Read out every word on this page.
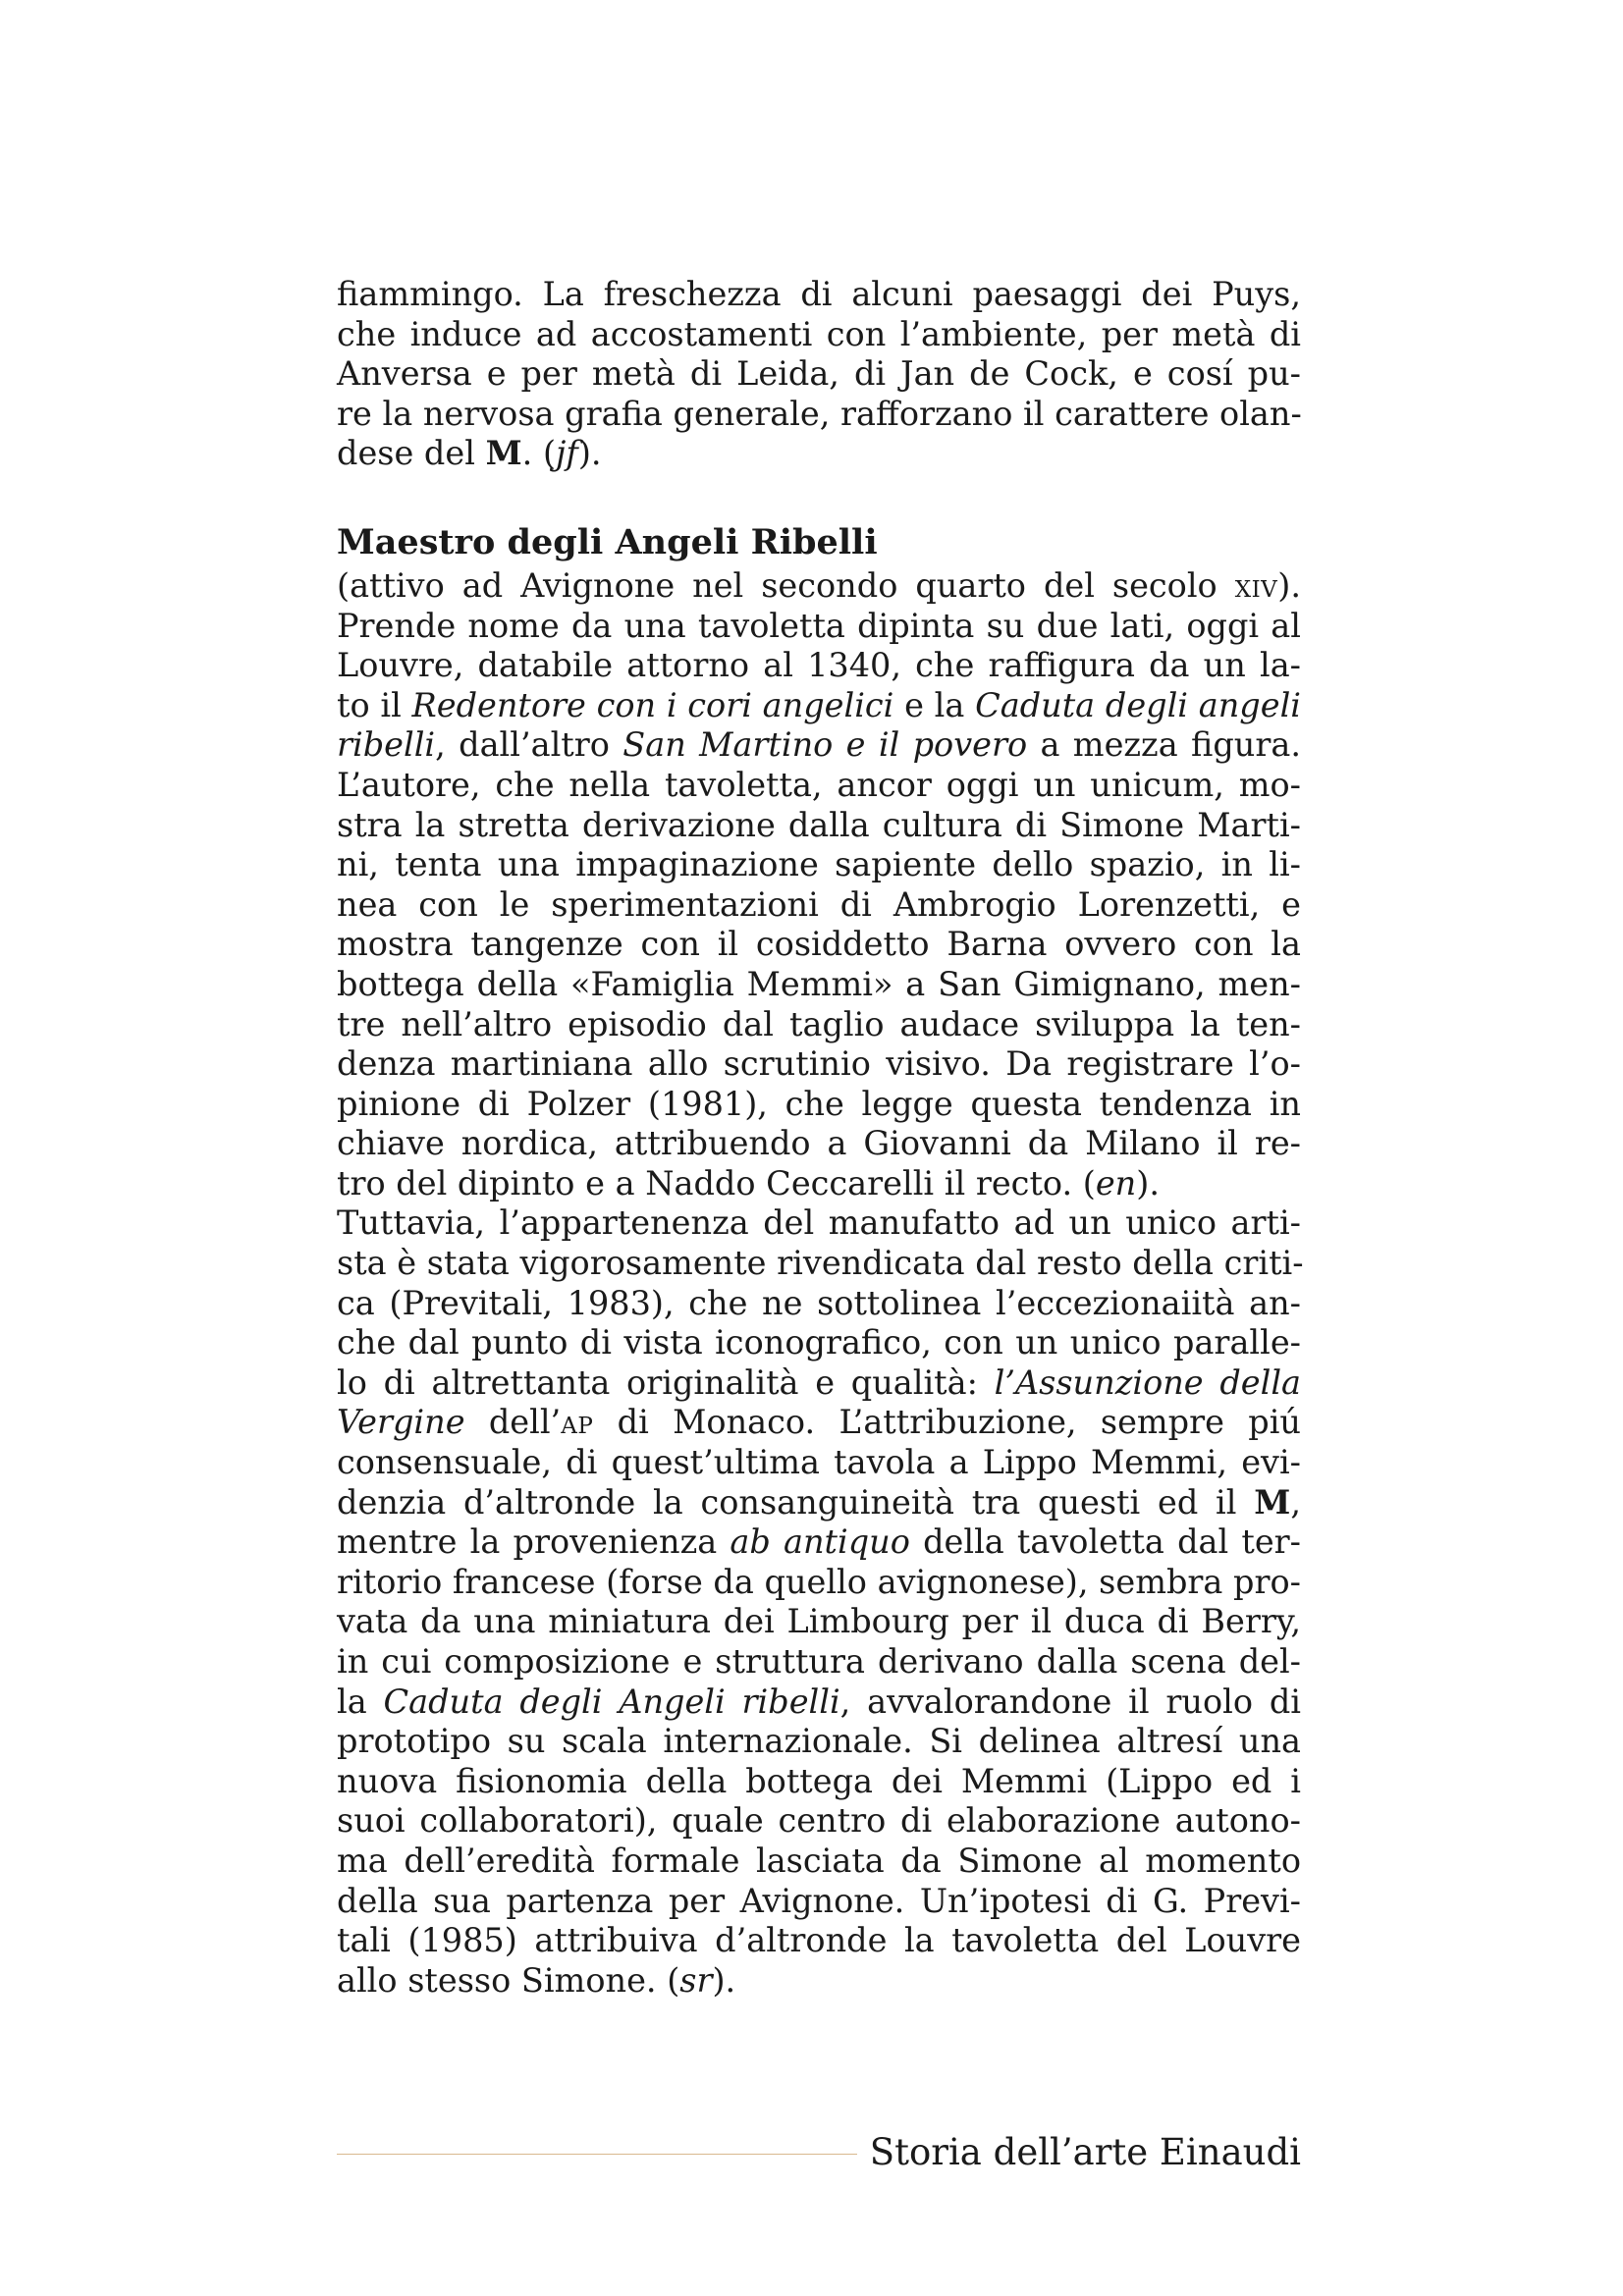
fiammingo. La freschezza di alcuni paesaggi dei Puys,
che induce ad accostamenti con l’ambiente, per metà di
Anversa e per metà di Leida, di Jan de Cock, e cosí pu-
re la nervosa grafia generale, rafforzano il carattere olan-
dese del M. (jf).

Maestro degli Angeli Ribelli

(attivo ad Avignone nel secondo quarto del secolo xiv).
Prende nome da una tavoletta dipinta su due lati, oggi al
Louvre, databile attorno al 1340, che raffigura da un la-
to il Redentore con i cori angelici e la Caduta degli angeli
ribelli, dall’altro San Martino e il povero a mezza figura.
L’autore, che nella tavoletta, ancor oggi un unicum, mo-
stra la stretta derivazione dalla cultura di Simone Marti-
ni, tenta una impaginazione sapiente dello spazio, in li-
nea con le sperimentazioni di Ambrogio Lorenzetti, e
mostra tangenze con il cosiddetto Barna ovvero con la
bottega della «Famiglia Memmi» a San Gimignano, men-
tre nell’altro episodio dal taglio audace sviluppa la ten-
denza martiniana allo scrutinio visivo. Da registrare l’o-
pinione di Polzer (1981), che legge questa tendenza in
chiave nordica, attribuendo a Giovanni da Milano il re-
tro del dipinto e a Naddo Ceccarelli il recto. (en).

Tuttavia, l’appartenenza del manufatto ad un unico arti-
sta è stata vigorosamente rivendicata dal resto della criti-
ca (Previtali, 1983), che ne sottolinea l’eccezionaiità an-
che dal punto di vista iconografico, con un unico paralle-
lo di altrettanta originalità e qualità: l’Assunzione della
Vergine dell’ap di Monaco. L’attribuzione, sempre piú
consensuale, di quest’ultima tavola a Lippo Memmi, evi-
denzia d’altronde la consanguineità tra questi ed il M,
mentre la provenienza ab antiquo della tavoletta dal ter-
ritorio francese (forse da quello avignonese), sembra pro-
vata da una miniatura dei Limbourg per il duca di Berry,
in cui composizione e struttura derivano dalla scena del-
la Caduta degli Angeli ribelli, avvalorandone il ruolo di
prototipo su scala internazionale. Si delinea altresí una
nuova fisionomia della bottega dei Memmi (Lippo ed i
suoi collaboratori), quale centro di elaborazione autono-
ma dell’eredità formale lasciata da Simone al momento
della sua partenza per Avignone. Un’ipotesi di G. Previ-
tali (1985) attribuiva d’altronde la tavoletta del Louvre
allo stesso Simone. (sr).

Storia dell’arte Einaudi
